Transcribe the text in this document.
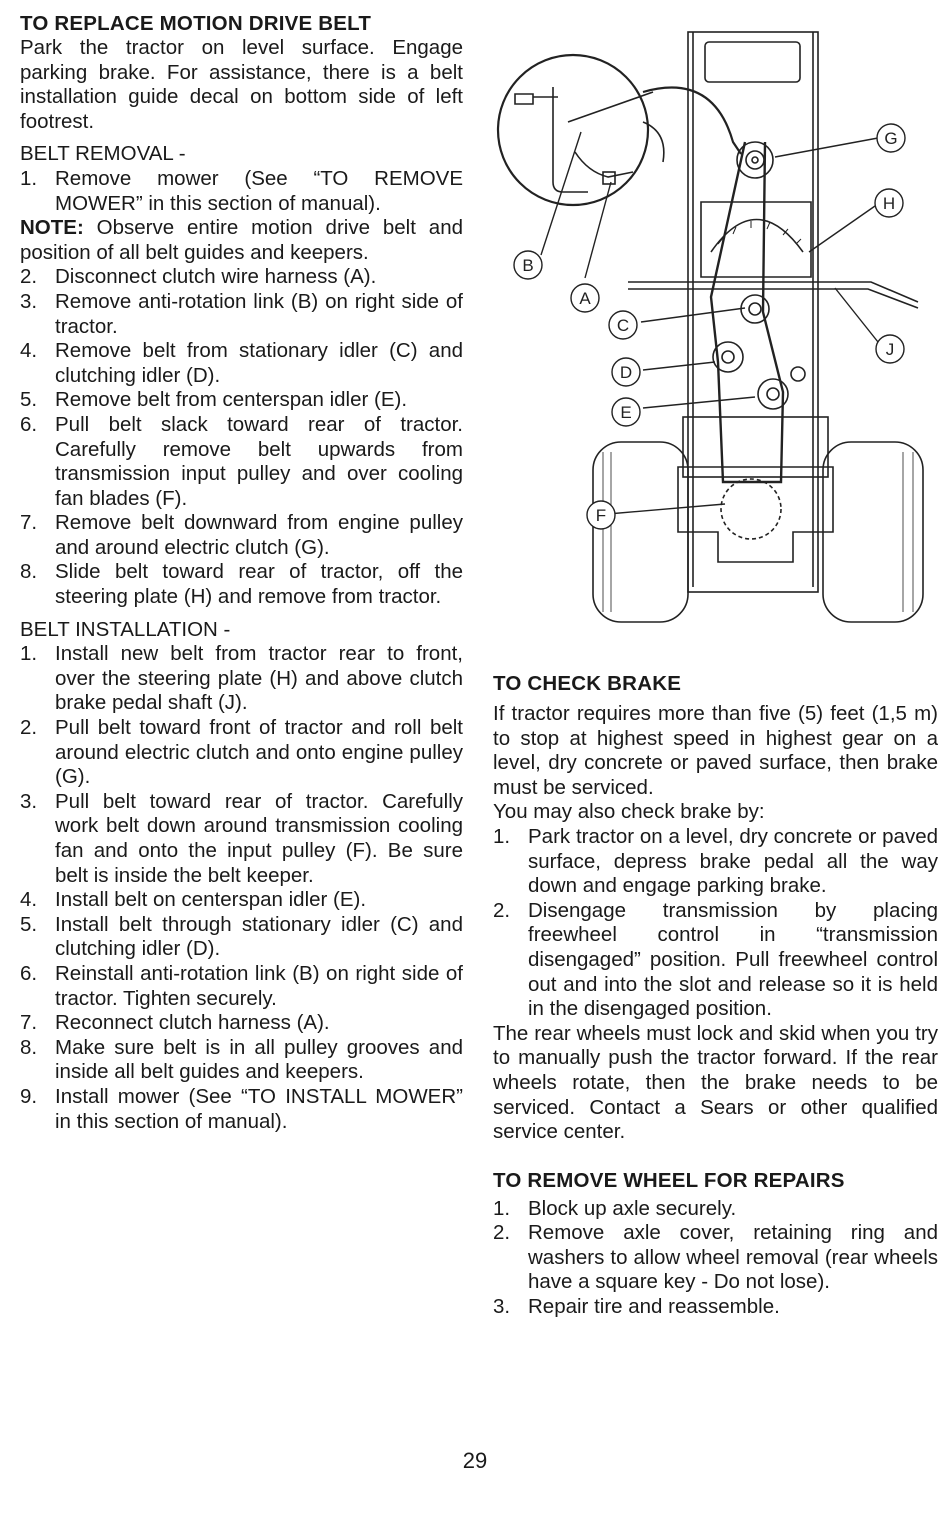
TO REPLACE MOTION DRIVE BELT

Park the tractor on level surface. Engage parking brake. For assistance, there is a belt installation guide decal on bottom side of left footrest.

BELT REMOVAL -

1. Remove mower (See “TO REMOVE MOWER” in this section of manual).

NOTE: Observe entire motion drive belt and position of all belt guides and keepers.

2. Disconnect clutch wire harness (A).
3. Remove anti-rotation link (B) on right side of tractor.
4. Remove belt from stationary idler (C) and clutching idler (D).
5. Remove belt from centerspan idler (E).
6. Pull belt slack toward rear of tractor. Carefully remove belt upwards from transmission input pulley and over cooling fan blades (F).
7. Remove belt downward from engine pulley and around electric clutch (G).
8. Slide belt toward rear of tractor, off the steering plate (H) and remove from tractor.

BELT INSTALLATION -

1. Install new belt from tractor rear to front, over the steering plate (H) and above clutch brake pedal shaft (J).
2. Pull belt toward front of tractor and roll belt around electric clutch and onto engine pulley (G).
3. Pull belt toward rear of tractor. Carefully work belt down around transmission cooling fan and onto the input pulley (F). Be sure belt is inside the belt keeper.
4. Install belt on centerspan idler (E).
5. Install belt through stationary idler (C) and clutching idler (D).
6. Reinstall anti-rotation link (B) on right side of tractor. Tighten securely.
7. Reconnect clutch harness (A).
8. Make sure belt is in all pulley grooves and inside all belt guides and keepers.
9. Install mower (See “TO INSTALL MOWER” in this section of manual).
A
B
C
D
E
F
G
H
J
TO CHECK BRAKE

If tractor requires more than five (5) feet (1,5 m) to stop at highest speed in highest gear on a level, dry concrete or paved surface, then brake must be serviced.

You may also check brake by:

1. Park tractor on a level, dry concrete or paved surface, depress brake pedal all the way down and engage parking brake.
2. Disengage transmission by placing freewheel control in “transmission disengaged” position. Pull freewheel control out and into the slot and release so it is held in the disengaged position.

The rear wheels must lock and skid when you try to manually push the tractor forward. If the rear wheels rotate, then the brake needs to be serviced. Contact a Sears or other qualified service center.

TO REMOVE WHEEL FOR REPAIRS
1. Block up axle securely.
2. Remove axle cover, retaining ring and washers to allow wheel removal (rear wheels have a square key - Do not lose).
3. Repair tire and reassemble.
29
